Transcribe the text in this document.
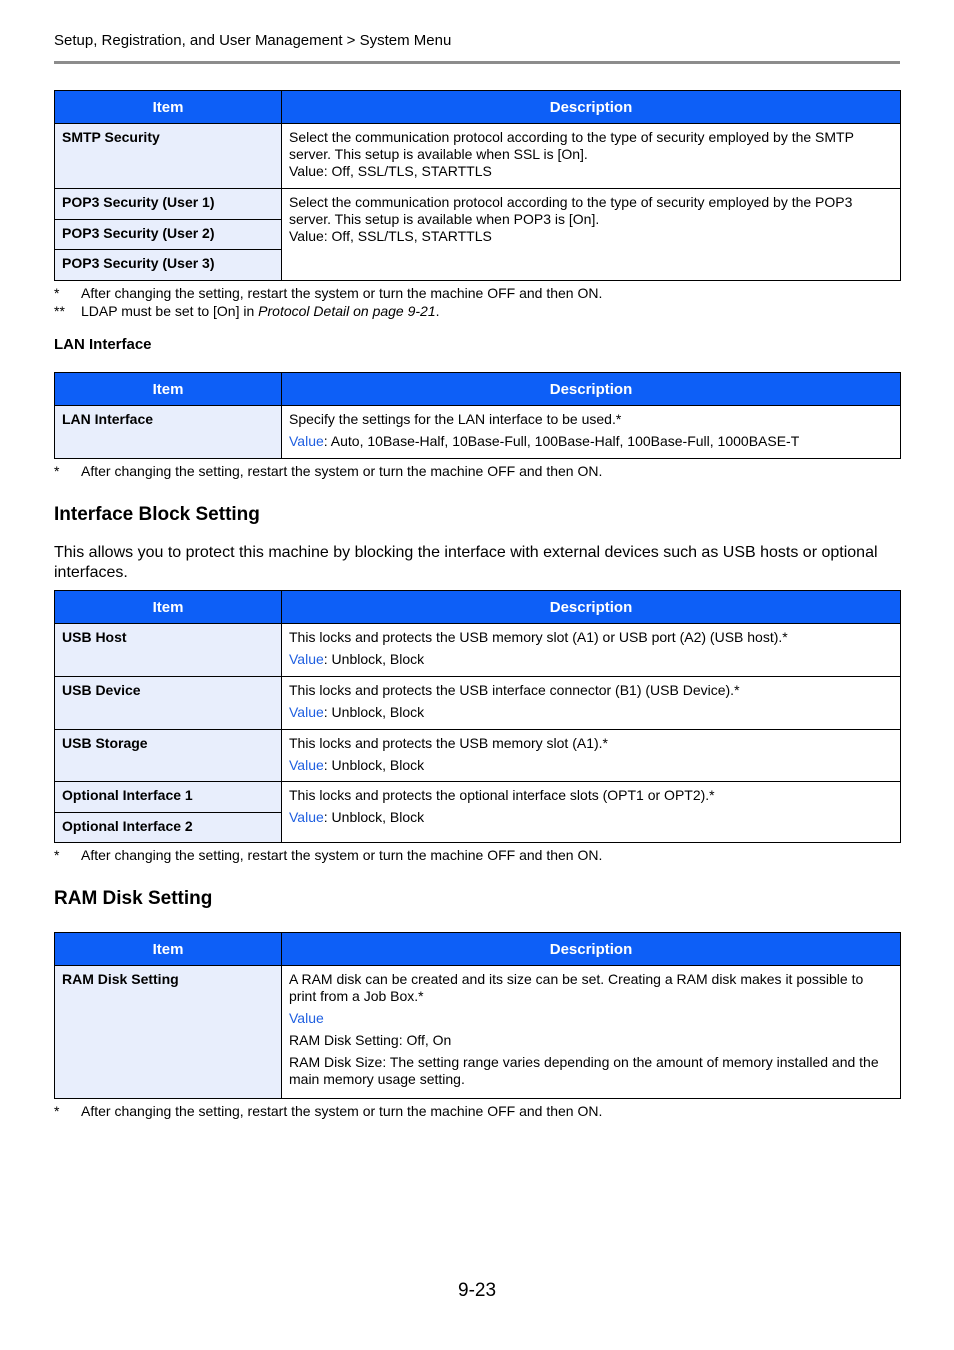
Setup, Registration, and User Management > System Menu
Item	Description
SMTP Security	Select the communication protocol according to the type of security employed by the SMTP server. This setup is available when SSL is [On].
Value: Off, SSL/TLS, STARTTLS

POP3 Security (User 1)	Select the communication protocol according to the type of security employed by the POP3 server. This setup is available when POP3 is [On].
Value: Off, SSL/TLS, STARTTLS

POP3 Security (User 2)	
POP3 Security (User 3)	
* After changing the setting, restart the system or turn the machine OFF and then ON.
** LDAP must be set to [On] in Protocol Detail on page 9-21.
LAN Interface
Item	Description
LAN Interface	Specify the settings for the LAN interface to be used.*
Value: Auto, 10Base-Half, 10Base-Full, 100Base-Half, 100Base-Full, 1000BASE-T
* After changing the setting, restart the system or turn the machine OFF and then ON.
Interface Block Setting
This allows you to protect this machine by blocking the interface with external devices such as USB hosts or optional interfaces.
Item	Description
USB Host	This locks and protects the USB memory slot (A1) or USB port (A2) (USB host).*
Value: Unblock, Block

USB Device	This locks and protects the USB interface connector (B1) (USB Device).*
Value: Unblock, Block

USB Storage	This locks and protects the USB memory slot (A1).*
Value: Unblock, Block

Optional Interface 1	This locks and protects the optional interface slots (OPT1 or OPT2).*
Value: Unblock, Block

Optional Interface 2	
* After changing the setting, restart the system or turn the machine OFF and then ON.
RAM Disk Setting
Item	Description
RAM Disk Setting	A RAM disk can be created and its size can be set. Creating a RAM disk makes it possible to print from a Job Box.*
Value
RAM Disk Setting: Off, On
RAM Disk Size: The setting range varies depending on the amount of memory installed and the main memory usage setting.
* After changing the setting, restart the system or turn the machine OFF and then ON.
9-23
